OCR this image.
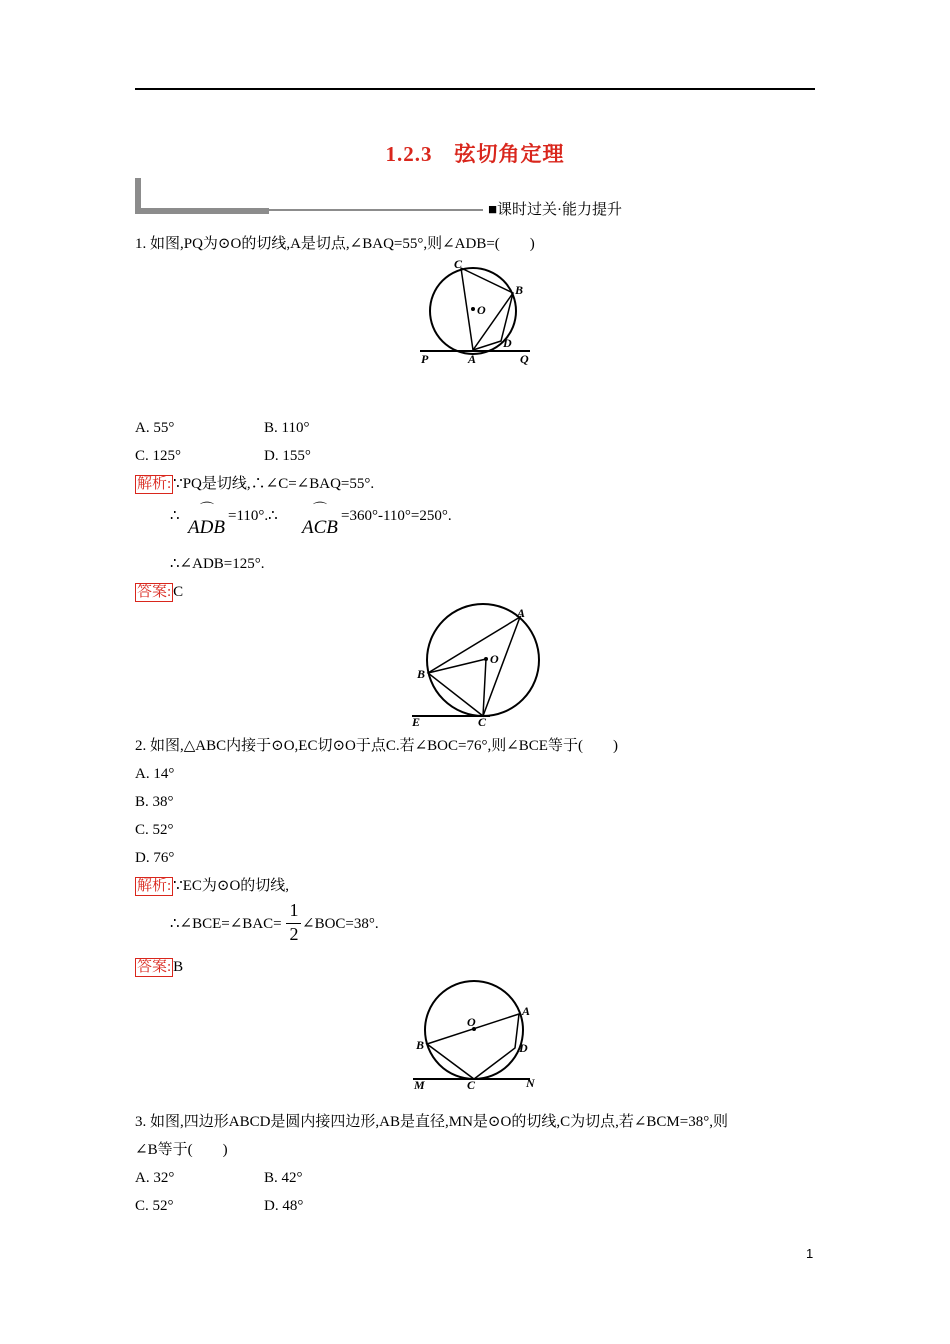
1.2.3　弦切角定理
■课时过关·能力提升
1. 如图,PQ为⊙O的切线,A是切点,∠BAQ=55°,则∠ADB=(　　)
C
B
O
D
P	A	Q
A. 55°	B. 110°
C. 125°	D. 155°
解析: ∵PQ是切线,∴∠C=∠BAQ=55°.
∴ ⌒
ADB
=110°.∴	⌒
ACB
=360°-110°=250°.
∴∠ADB=125°.
答案: C
A
O
B
E	C
2. 如图,△ABC内接于⊙O,EC切⊙O于点C.若∠BOC=76°,则∠BCE等于(　　)
A. 14°
B. 38°
C. 52°
D. 76°
解析: ∵EC为⊙O的切线,
∴∠BCE=∠BAC=
1
2 ∠BOC=38°.
答案: B
O
A
B	D
M	C	N
3. 如图,四边形ABCD是圆内接四边形,AB是直径,MN是⊙O的切线,C为切点,若∠BCM=38°,则
∠B等于(　　)
A. 32°	B. 42°
C. 52°	D. 48°
1
